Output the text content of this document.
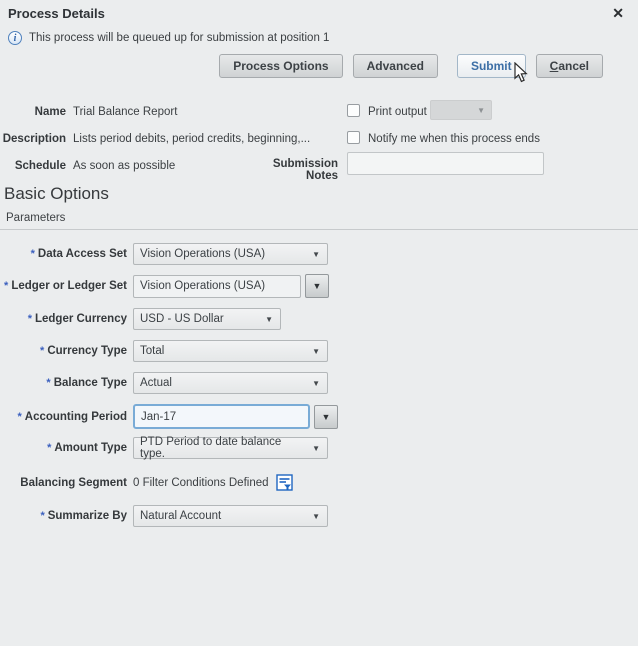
Process Details	✕
i	This process will be queued up for submission at position 1
Process Options	Advanced	Submit	Cancel
Name Trial Balance Report
Description Lists period debits, period credits, beginning,...
Schedule As soon as possible
Print output	▼
Notify me when this process ends
Submission Notes
Basic Options
Parameters
* Data Access Set Vision Operations (USA)	▼
* Ledger or Ledger Set Vision Operations (USA)	▼
* Ledger Currency USD - US Dollar	▼
* Currency Type Total	▼
* Balance Type Actual	▼
* Accounting Period Jan-17	▼
* Amount Type PTD Period to date balance type.	▼
Balancing Segment 0 Filter Conditions Defined
* Summarize By Natural Account	▼
